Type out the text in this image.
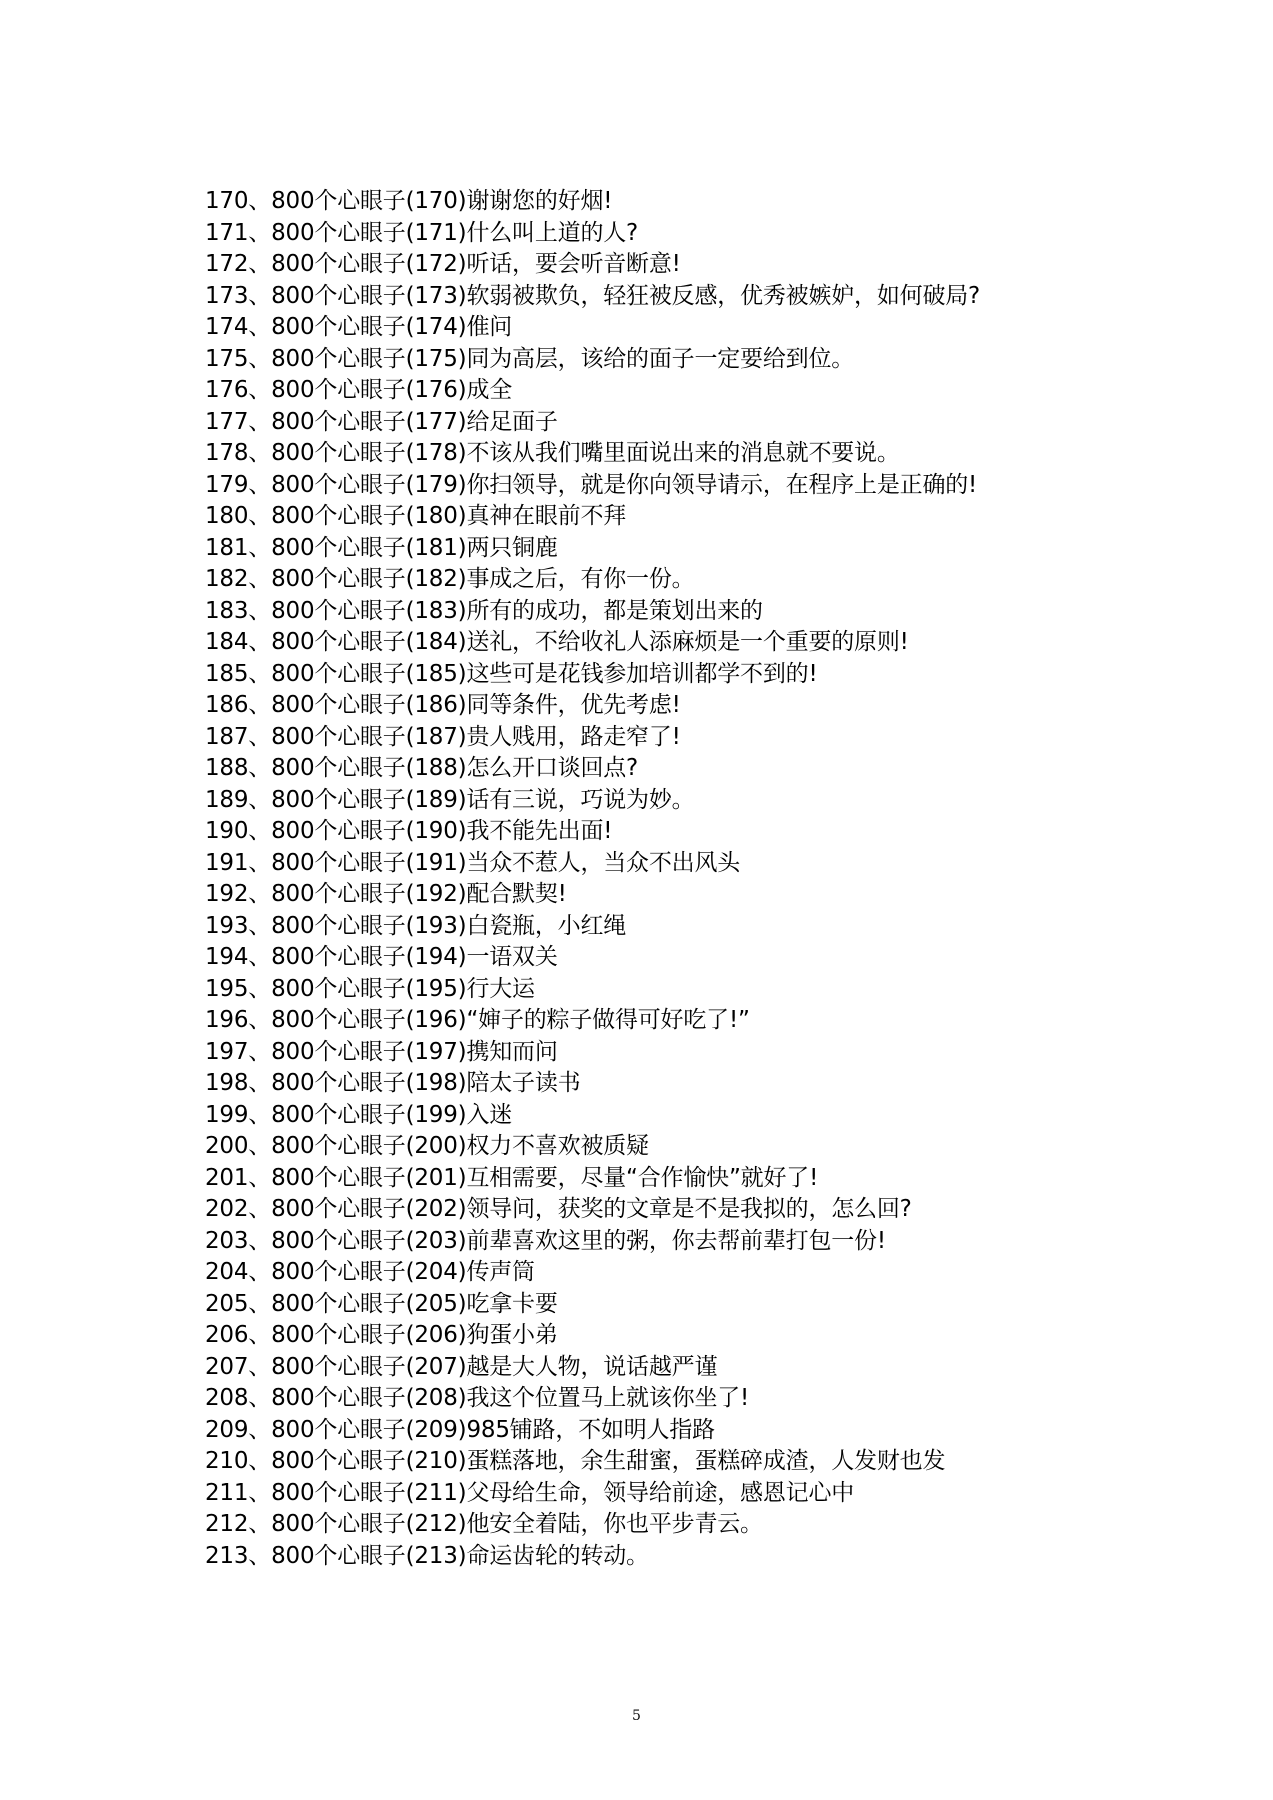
170、800个心眼子(170)谢谢您的好烟!
171、800个心眼子(171)什么叫上道的人?
172、800个心眼子(172)听话，要会听音断意!
173、800个心眼子(173)软弱被欺负，轻狂被反感，优秀被嫉妒，如何破局?
174、800个心眼子(174)倠问
175、800个心眼子(175)同为高层，该给的面子一定要给到位。
176、800个心眼子(176)成全
177、800个心眼子(177)给足面子
178、800个心眼子(178)不该从我们嘴里面说出来的消息就不要说。
179、800个心眼子(179)你扫领导，就是你向领导请示，在程序上是正确的!
180、800个心眼子(180)真神在眼前不拜
181、800个心眼子(181)两只铜鹿
182、800个心眼子(182)事成之后，有你一份。
183、800个心眼子(183)所有的成功，都是策划出来的
184、800个心眼子(184)送礼，不给收礼人添麻烦是一个重要的原则!
185、800个心眼子(185)这些可是花钱参加培训都学不到的!
186、800个心眼子(186)同等条件，优先考虑!
187、800个心眼子(187)贵人贱用，路走窄了!
188、800个心眼子(188)怎么开口谈回点?
189、800个心眼子(189)话有三说，巧说为妙。
190、800个心眼子(190)我不能先出面!
191、800个心眼子(191)当众不惹人，当众不出风头
192、800个心眼子(192)配合默契!
193、800个心眼子(193)白瓷瓶，小红绳
194、800个心眼子(194)一语双关
195、800个心眼子(195)行大运
196、800个心眼子(196)“婶子的粽子做得可好吃了!”
197、800个心眼子(197)携知而问
198、800个心眼子(198)陪太子读书
199、800个心眼子(199)入迷
200、800个心眼子(200)权力不喜欢被质疑
201、800个心眼子(201)互相需要，尽量“合作愉快”就好了!
202、800个心眼子(202)领导问，获奖的文章是不是我拟的，怎么回?
203、800个心眼子(203)前辈喜欢这里的粥，你去帮前辈打包一份!
204、800个心眼子(204)传声筒
205、800个心眼子(205)吃拿卡要
206、800个心眼子(206)狗蛋小弟
207、800个心眼子(207)越是大人物，说话越严谨
208、800个心眼子(208)我这个位置马上就该你坐了!
209、800个心眼子(209)985铺路，不如明人指路
210、800个心眼子(210)蛋糕落地，余生甜蜜，蛋糕碎成渣，人发财也发
211、800个心眼子(211)父母给生命，领导给前途，感恩记心中
212、800个心眼子(212)他安全着陆，你也平步青云。
213、800个心眼子(213)命运齿轮的转动。
5
